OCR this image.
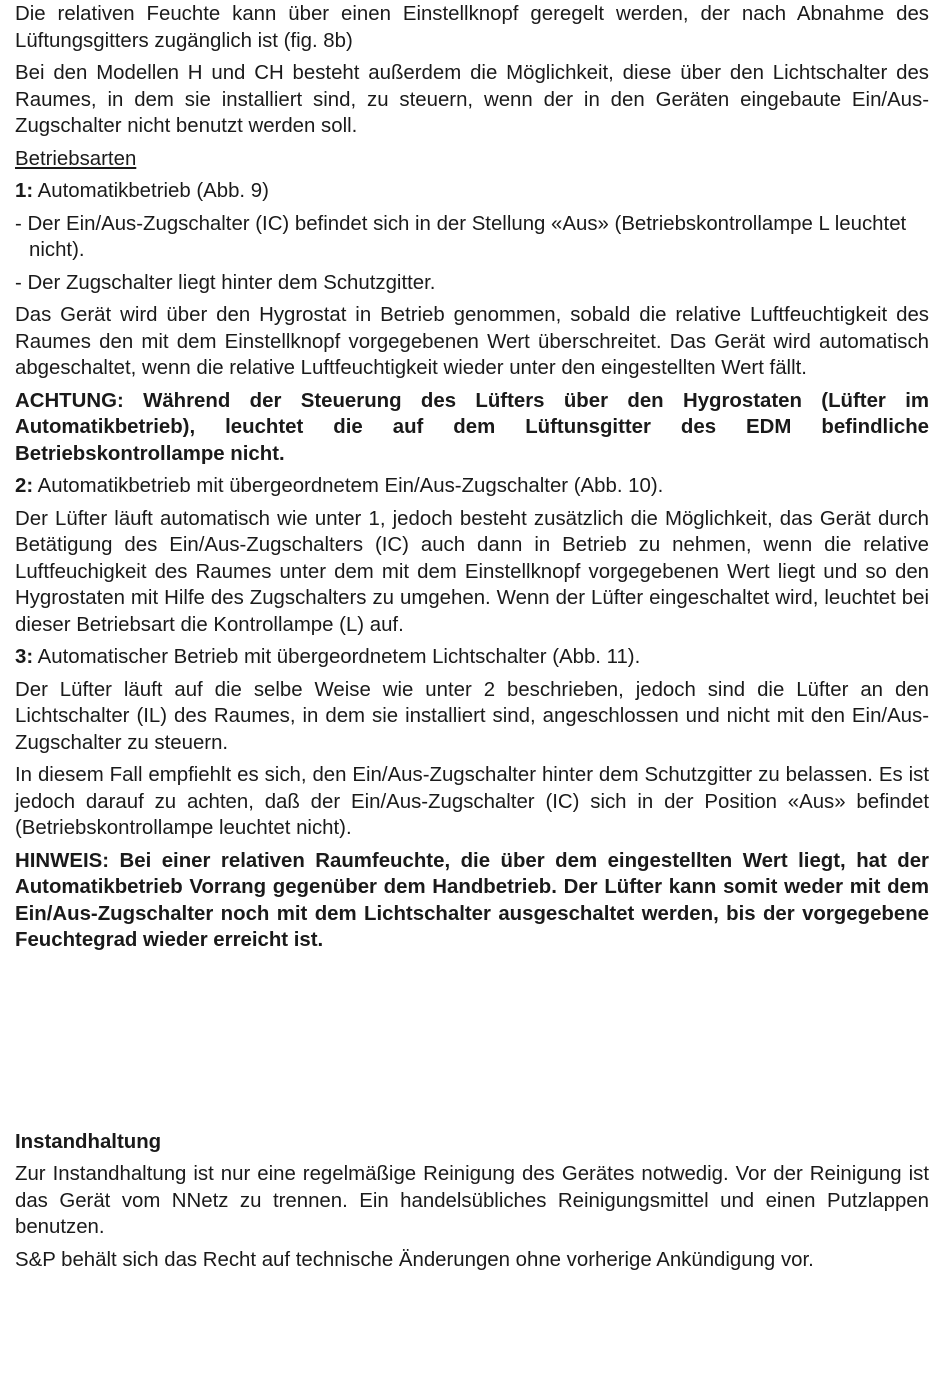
Die relativen Feuchte kann über einen Einstellknopf geregelt werden, der nach Abnahme des Lüftungsgitters zugänglich ist (fig. 8b)

Bei den Modellen H und CH besteht außerdem die Möglichkeit, diese über den Lichtschalter des Raumes, in dem sie installiert sind, zu steuern, wenn der in den Geräten eingebaute Ein/Aus-Zugschalter nicht benutzt werden soll.

Betriebsarten

1: Automatikbetrieb (Abb. 9)

- Der Ein/Aus-Zugschalter (IC) befindet sich in der Stellung «Aus» (Betriebskontrollampe L leuchtet nicht).

- Der Zugschalter liegt hinter dem Schutzgitter.

Das Gerät wird über den Hygrostat in Betrieb genommen, sobald die relative Luftfeuchtigkeit des Raumes den mit dem Einstellknopf vorgegebenen Wert überschreitet. Das Gerät wird automatisch abgeschaltet, wenn die relative Luftfeuchtigkeit wieder unter den eingestellten Wert fällt.

ACHTUNG: Während der Steuerung des Lüfters über den Hygrostaten (Lüfter im Automatikbetrieb), leuchtet die auf dem Lüftunsgitter des EDM befindliche Betriebskontrollampe nicht.

2: Automatikbetrieb mit übergeordnetem Ein/Aus-Zugschalter (Abb. 10).

Der Lüfter läuft automatisch wie unter 1, jedoch besteht zusätzlich die Möglichkeit, das Gerät durch Betätigung des Ein/Aus-Zugschalters (IC) auch dann in Betrieb zu nehmen, wenn die relative Luftfeuchigkeit des Raumes unter dem mit dem Einstellknopf vorgegebenen Wert liegt und so den Hygrostaten mit Hilfe des Zugschalters zu umgehen. Wenn der Lüfter eingeschaltet wird, leuchtet bei dieser Betriebsart die Kontrollampe (L) auf.

3: Automatischer Betrieb mit übergeordnetem Lichtschalter (Abb. 11).

Der Lüfter läuft auf die selbe Weise wie unter 2 beschrieben, jedoch sind die Lüfter an den Lichtschalter (IL) des Raumes, in dem sie installiert sind, angeschlossen und nicht mit den Ein/Aus-Zugschalter zu steuern.

In diesem Fall empfiehlt es sich, den Ein/Aus-Zugschalter hinter dem Schutzgitter zu belassen. Es ist jedoch darauf zu achten, daß der Ein/Aus-Zugschalter (IC) sich in der Position «Aus» befindet (Betriebskontrollampe leuchtet nicht).

HINWEIS: Bei einer relativen Raumfeuchte, die über dem eingestellten Wert liegt, hat der Automatikbetrieb Vorrang gegenüber dem Handbetrieb. Der Lüfter kann somit weder mit dem Ein/Aus-Zugschalter noch mit dem Lichtschalter ausgeschaltet werden, bis der vorgegebene Feuchtegrad wieder erreicht ist.

Instandhaltung

Zur Instandhaltung ist nur eine regelmäßige Reinigung des Gerätes notwedig. Vor der Reinigung ist das Gerät vom NNetz zu trennen. Ein handelsübliches Reinigungsmittel und einen Putzlappen benutzen.

S&P behält sich das Recht auf technische Änderungen ohne vorherige Ankündigung vor.
